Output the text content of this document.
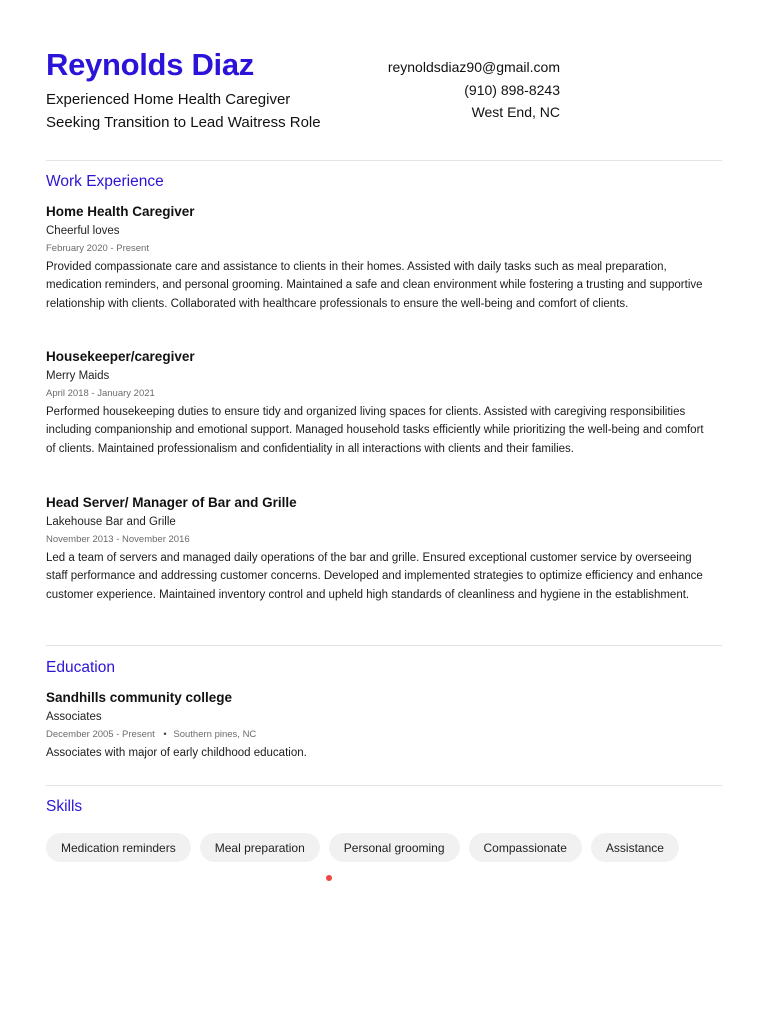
Reynolds Diaz
Experienced Home Health Caregiver
Seeking Transition to Lead Waitress Role
reynoldsdiaz90@gmail.com
(910) 898-8243
West End, NC
Work Experience
Home Health Caregiver
Cheerful loves
February 2020 - Present
Provided compassionate care and assistance to clients in their homes. Assisted with daily tasks such as meal preparation, medication reminders, and personal grooming. Maintained a safe and clean environment while fostering a trusting and supportive relationship with clients. Collaborated with healthcare professionals to ensure the well-being and comfort of clients.
Housekeeper/caregiver
Merry Maids
April 2018 - January 2021
Performed housekeeping duties to ensure tidy and organized living spaces for clients. Assisted with caregiving responsibilities including companionship and emotional support. Managed household tasks efficiently while prioritizing the well-being and comfort of clients. Maintained professionalism and confidentiality in all interactions with clients and their families.
Head Server/ Manager of Bar and Grille
Lakehouse Bar and Grille
November 2013 - November 2016
Led a team of servers and managed daily operations of the bar and grille. Ensured exceptional customer service by overseeing staff performance and addressing customer concerns. Developed and implemented strategies to optimize efficiency and enhance customer experience. Maintained inventory control and upheld high standards of cleanliness and hygiene in the establishment.
Education
Sandhills community college
Associates
December 2005 - Present • Southern pines, NC
Associates with major of early childhood education.
Skills
Medication reminders	Meal preparation	Personal grooming	Compassionate	Assistance
